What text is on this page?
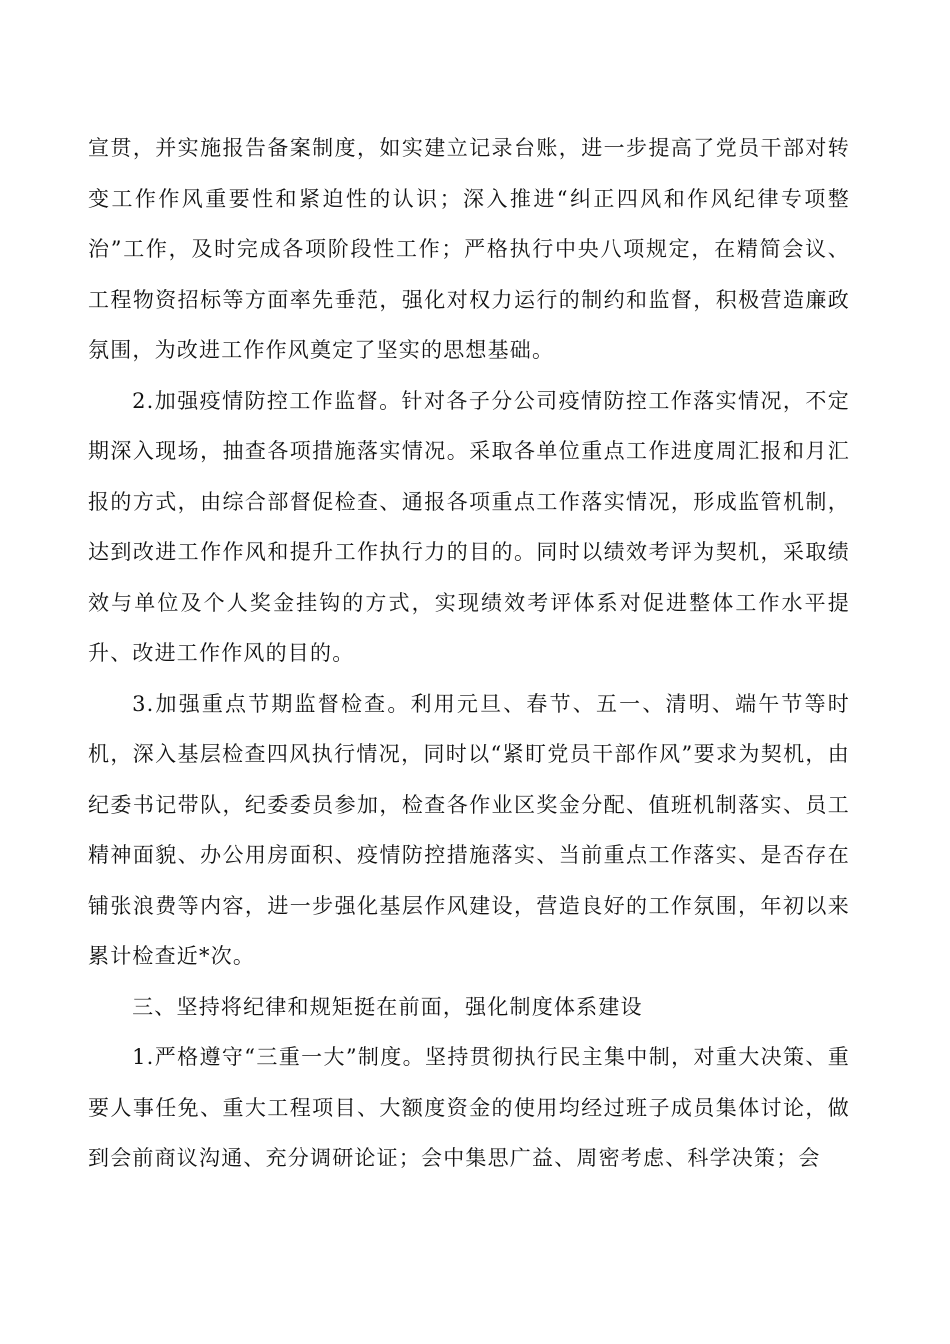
宣贯，并实施报告备案制度，如实建立记录台账，进一步提高了党员干部对转变工作作风重要性和紧迫性的认识；深入推进“纠正四风和作风纪律专项整治”工作，及时完成各项阶段性工作；严格执行中央八项规定，在精简会议、工程物资招标等方面率先垂范，强化对权力运行的制约和监督，积极营造廉政氛围，为改进工作作风奠定了坚实的思想基础。

2.加强疫情防控工作监督。针对各子分公司疫情防控工作落实情况，不定期深入现场，抽查各项措施落实情况。采取各单位重点工作进度周汇报和月汇报的方式，由综合部督促检查、通报各项重点工作落实情况，形成监管机制，达到改进工作作风和提升工作执行力的目的。同时以绩效考评为契机，采取绩效与单位及个人奖金挂钩的方式，实现绩效考评体系对促进整体工作水平提升、改进工作作风的目的。

3.加强重点节期监督检查。利用元旦、春节、五一、清明、端午节等时机，深入基层检查四风执行情况，同时以“紧盯党员干部作风”要求为契机，由纪委书记带队，纪委委员参加，检查各作业区奖金分配、值班机制落实、员工精神面貌、办公用房面积、疫情防控措施落实、当前重点工作落实、是否存在铺张浪费等内容，进一步强化基层作风建设，营造良好的工作氛围，年初以来累计检查近*次。

三、坚持将纪律和规矩挺在前面，强化制度体系建设

1.严格遵守“三重一大”制度。坚持贯彻执行民主集中制，对重大决策、重要人事任免、重大工程项目、大额度资金的使用均经过班子成员集体讨论，做到会前商议沟通、充分调研论证；会中集思广益、周密考虑、科学决策；会
